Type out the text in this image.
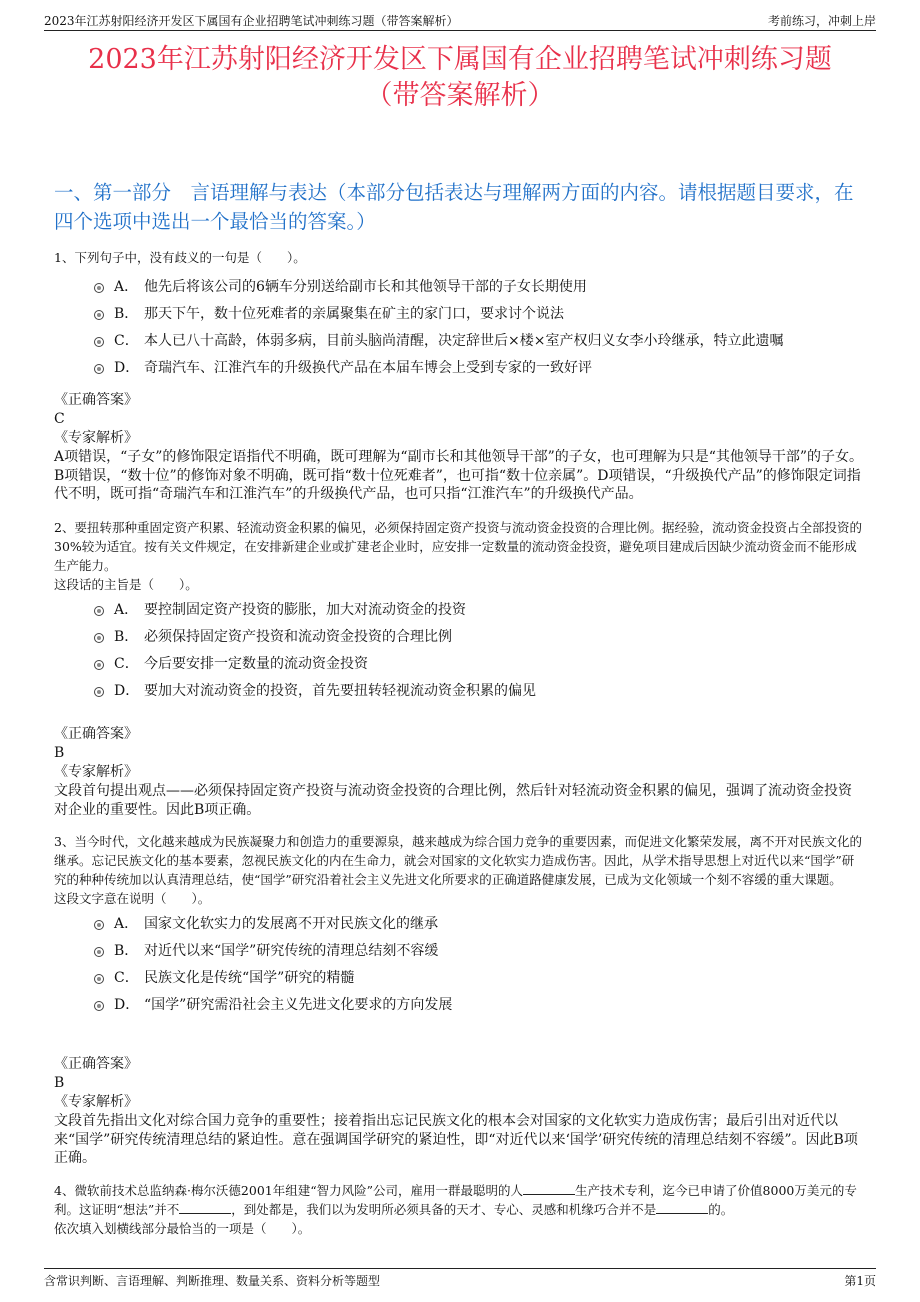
2023年江苏射阳经济开发区下属国有企业招聘笔试冲刺练习题（带答案解析）	考前练习，冲刺上岸
2023年江苏射阳经济开发区下属国有企业招聘笔试冲刺练习题
（带答案解析）
一、第一部分　言语理解与表达（本部分包括表达与理解两方面的内容。请根据题目要求，在四个选项中选出一个最恰当的答案。）

1、下列句子中，没有歧义的一句是（　　）。

A． 他先后将该公司的6辆车分别送给副市长和其他领导干部的子女长期使用
B． 那天下午，数十位死难者的亲属聚集在矿主的家门口，要求讨个说法
C． 本人已八十高龄，体弱多病，目前头脑尚清醒，决定辞世后×楼×室产权归义女李小玲继承，特立此遗嘱
D． 奇瑞汽车、江淮汽车的升级换代产品在本届车博会上受到专家的一致好评
《正确答案》
C
《专家解析》
A项错误，“子女”的修饰限定语指代不明确，既可理解为“副市长和其他领导干部”的子女，也可理解为只是“其他领导干部”的子女。B项错误，“数十位”的修饰对象不明确，既可指“数十位死难者”，也可指“数十位亲属”。D项错误，“升级换代产品”的修饰限定词指代不明，既可指“奇瑞汽车和江淮汽车”的升级换代产品，也可只指“江淮汽车”的升级换代产品。

2、要扭转那种重固定资产积累、轻流动资金积累的偏见，必须保持固定资产投资与流动资金投资的合理比例。据经验，流动资金投资占全部投资的30%较为适宜。按有关文件规定，在安排新建企业或扩建老企业时，应安排一定数量的流动资金投资，避免项目建成后因缺少流动资金而不能形成生产能力。

这段话的主旨是（　　）。

A． 要控制固定资产投资的膨胀，加大对流动资金的投资
B． 必须保持固定资产投资和流动资金投资的合理比例
C． 今后要安排一定数量的流动资金投资
D． 要加大对流动资金的投资，首先要扭转轻视流动资金积累的偏见
《正确答案》
B
《专家解析》
文段首句提出观点——必须保持固定资产投资与流动资金投资的合理比例，然后针对轻流动资金积累的偏见，强调了流动资金投资对企业的重要性。因此B项正确。

3、当今时代，文化越来越成为民族凝聚力和创造力的重要源泉，越来越成为综合国力竞争的重要因素，而促进文化繁荣发展，离不开对民族文化的继承。忘记民族文化的基本要素，忽视民族文化的内在生命力，就会对国家的文化软实力造成伤害。因此，从学术指导思想上对近代以来“国学”研究的种种传统加以认真清理总结，使“国学”研究沿着社会主义先进文化所要求的正确道路健康发展，已成为文化领域一个刻不容缓的重大课题。

这段文字意在说明（　　）。

A． 国家文化软实力的发展离不开对民族文化的继承
B． 对近代以来“国学”研究传统的清理总结刻不容缓
C． 民族文化是传统“国学”研究的精髓
D． “国学”研究需沿社会主义先进文化要求的方向发展
《正确答案》
B
《专家解析》
文段首先指出文化对综合国力竞争的重要性；接着指出忘记民族文化的根本会对国家的文化软实力造成伤害；最后引出对近代以来“国学”研究传统清理总结的紧迫性。意在强调国学研究的紧迫性，即“对近代以来‘国学’研究传统的清理总结刻不容缓”。因此B项正确。

4、微软前技术总监纳森·梅尔沃德2001年组建“智力风险”公司，雇用一群最聪明的人	生产技术专利，迄今已申请了价值8000万美元的专利。这证明“想法”并不	，到处都是，我们以为发明所必须具备的天才、专心、灵感和机缘巧合并不是	的。

依次填入划横线部分最恰当的一项是（　　）。

含常识判断、言语理解、判断推理、数量关系、资料分析等题型	第1页
